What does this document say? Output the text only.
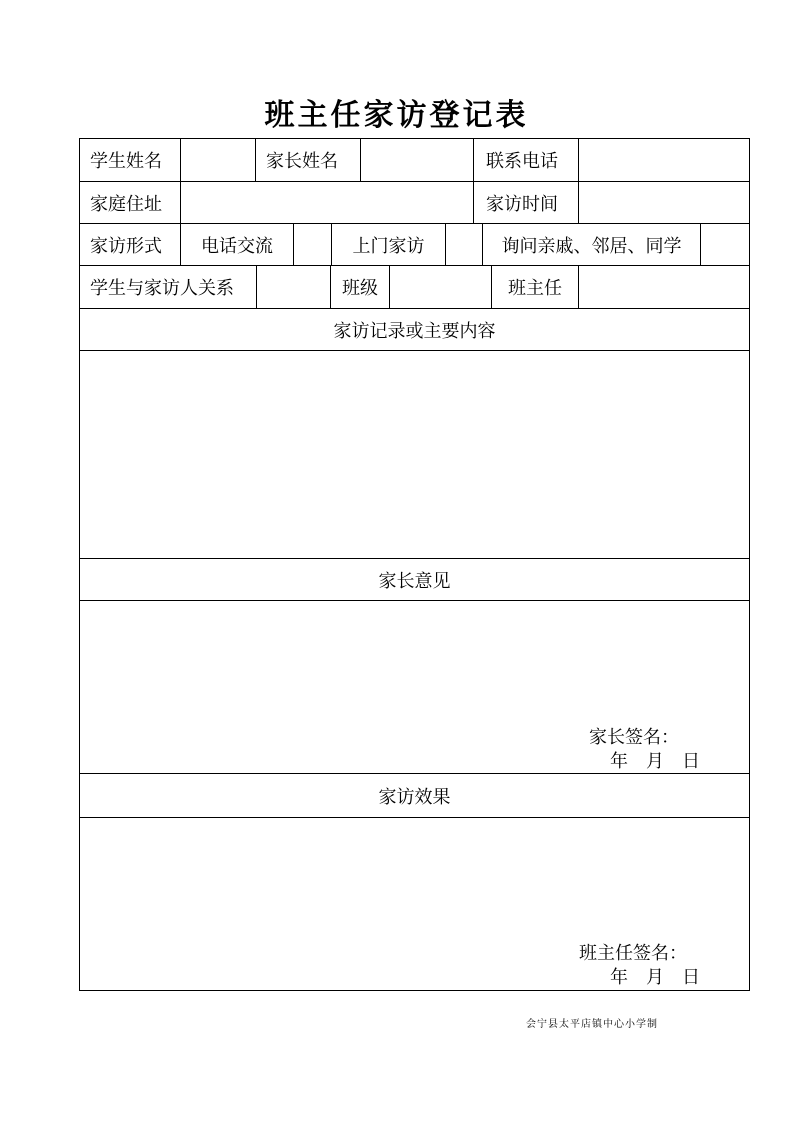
班主任家访登记表
学生姓名	家长姓名	联系电话
家庭住址	家访时间
家访形式	电话交流	上门家访	询问亲戚、邻居、同学
学生与家访人关系	班级	班主任
家访记录或主要内容
家长意见
家长签名：
年　月　日
家访效果
班主任签名：
年　月　日
会宁县太平店镇中心小学制
